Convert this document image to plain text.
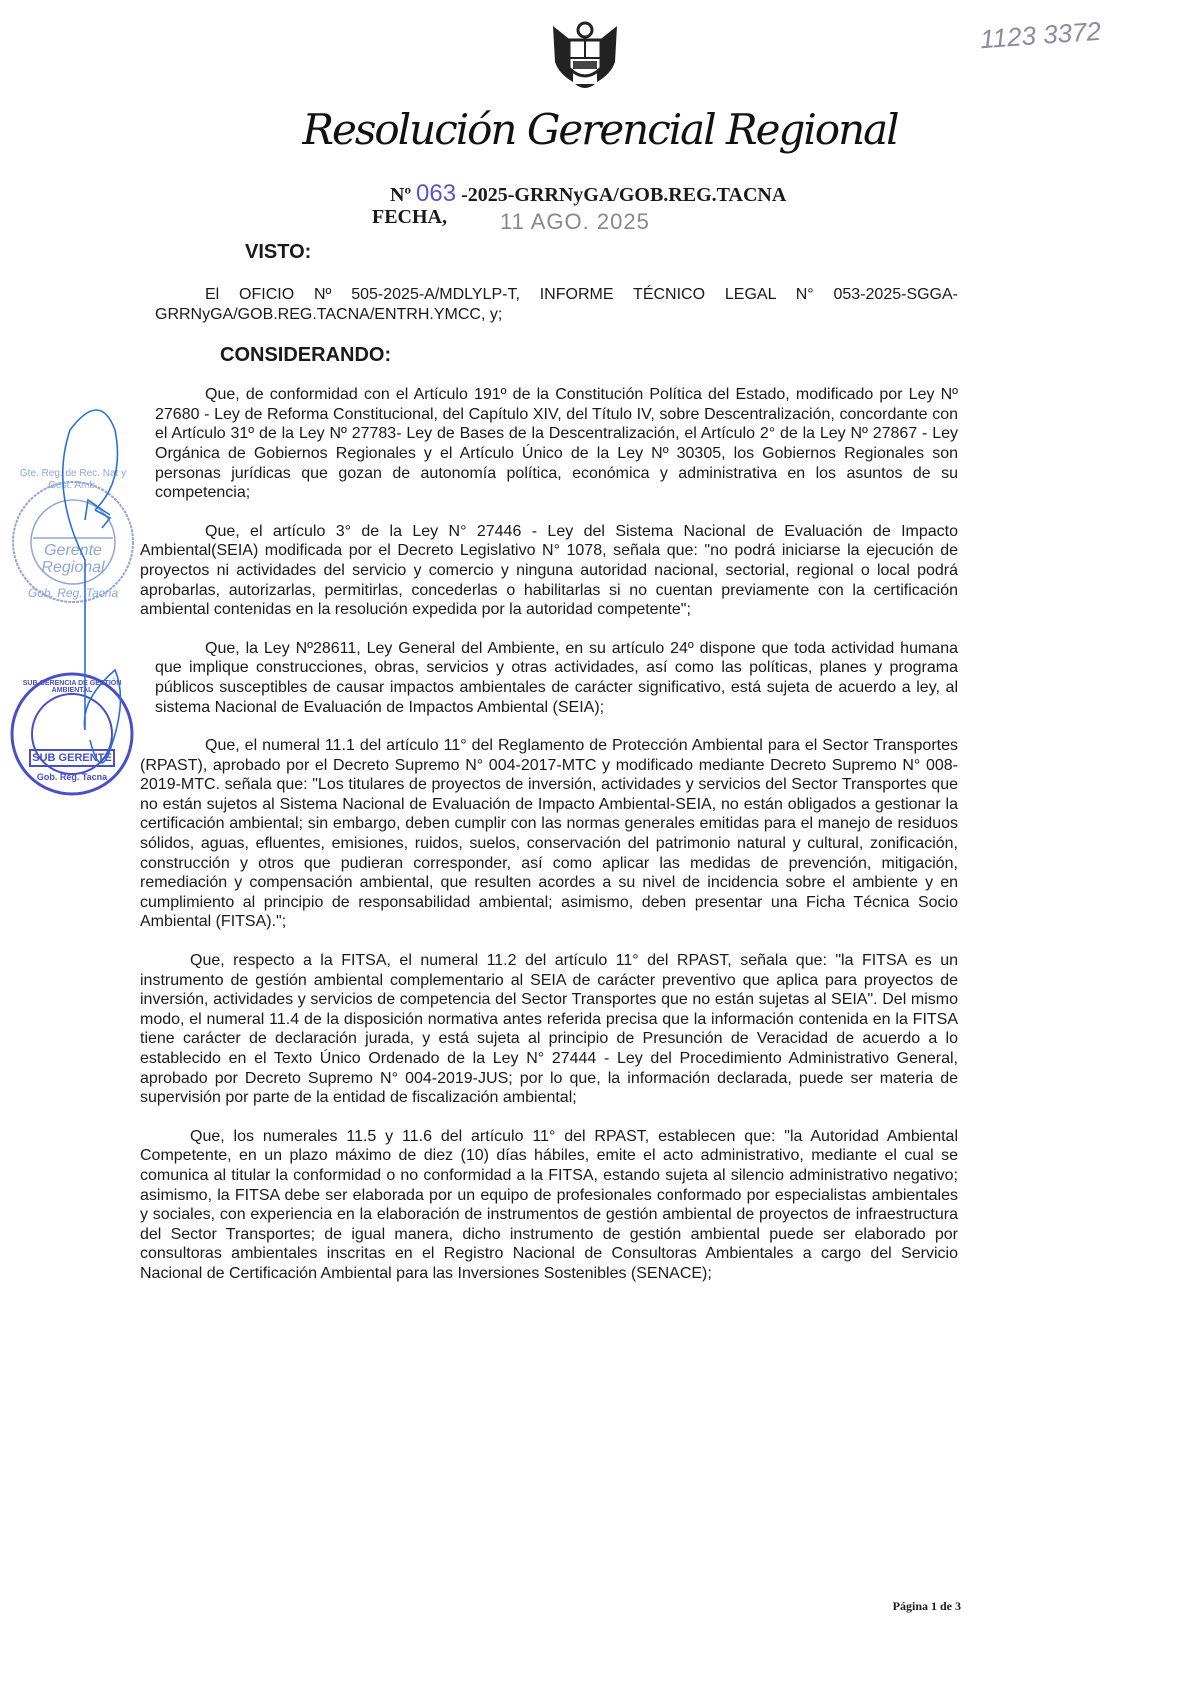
1123 3372
Resolución Gerencial Regional
Nº 063 -2025-GRRNyGA/GOB.REG.TACNA
FECHA, 11 AGO. 2025
Gerente Regional
Gob. Reg. Tacna
Gte. Reg. de Rec. Nat y Gest. Amb.
SUB GERENTE
Gob. Reg. Tacna
SUB GERENCIA DE GESTIÓN AMBIENTAL
VISTO:

El OFICIO Nº 505-2025-A/MDLYLP-T, INFORME TÉCNICO LEGAL N° 053-2025-SGGA-GRRNyGA/GOB.REG.TACNA/ENTRH.YMCC, y;

CONSIDERANDO:

Que, de conformidad con el Artículo 191º de la Constitución Política del Estado, modificado por Ley Nº 27680 - Ley de Reforma Constitucional, del Capítulo XIV, del Título IV, sobre Descentralización, concordante con el Artículo 31º de la Ley Nº 27783- Ley de Bases de la Descentralización, el Artículo 2° de la Ley Nº 27867 - Ley Orgánica de Gobiernos Regionales y el Artículo Único de la Ley Nº 30305, los Gobiernos Regionales son personas jurídicas que gozan de autonomía política, económica y administrativa en los asuntos de su competencia;

Que, el artículo 3° de la Ley N° 27446 - Ley del Sistema Nacional de Evaluación de Impacto Ambiental(SEIA) modificada por el Decreto Legislativo N° 1078, señala que: "no podrá iniciarse la ejecución de proyectos ni actividades del servicio y comercio y ninguna autoridad nacional, sectorial, regional o local podrá aprobarlas, autorizarlas, permitirlas, concederlas o habilitarlas si no cuentan previamente con la certificación ambiental contenidas en la resolución expedida por la autoridad competente";

Que, la Ley Nº28611, Ley General del Ambiente, en su artículo 24º dispone que toda actividad humana que implique construcciones, obras, servicios y otras actividades, así como las políticas, planes y programa públicos susceptibles de causar impactos ambientales de carácter significativo, está sujeta de acuerdo a ley, al sistema Nacional de Evaluación de Impactos Ambiental (SEIA);

Que, el numeral 11.1 del artículo 11° del Reglamento de Protección Ambiental para el Sector Transportes (RPAST), aprobado por el Decreto Supremo N° 004-2017-MTC y modificado mediante Decreto Supremo N° 008- 2019-MTC. señala que: "Los titulares de proyectos de inversión, actividades y servicios del Sector Transportes que no están sujetos al Sistema Nacional de Evaluación de Impacto Ambiental-SEIA, no están obligados a gestionar la certificación ambiental; sin embargo, deben cumplir con las normas generales emitidas para el manejo de residuos sólidos, aguas, efluentes, emisiones, ruidos, suelos, conservación del patrimonio natural y cultural, zonificación, construcción y otros que pudieran corresponder, así como aplicar las medidas de prevención, mitigación, remediación y compensación ambiental, que resulten acordes a su nivel de incidencia sobre el ambiente y en cumplimiento al principio de responsabilidad ambiental; asimismo, deben presentar una Ficha Técnica Socio Ambiental (FITSA).";

Que, respecto a la FITSA, el numeral 11.2 del artículo 11° del RPAST, señala que: "la FITSA es un instrumento de gestión ambiental complementario al SEIA de carácter preventivo que aplica para proyectos de inversión, actividades y servicios de competencia del Sector Transportes que no están sujetas al SEIA". Del mismo modo, el numeral 11.4 de la disposición normativa antes referida precisa que la información contenida en la FITSA tiene carácter de declaración jurada, y está sujeta al principio de Presunción de Veracidad de acuerdo a lo establecido en el Texto Único Ordenado de la Ley N° 27444 - Ley del Procedimiento Administrativo General, aprobado por Decreto Supremo N° 004-2019-JUS; por lo que, la información declarada, puede ser materia de supervisión por parte de la entidad de fiscalización ambiental;

Que, los numerales 11.5 y 11.6 del artículo 11° del RPAST, establecen que: "la Autoridad Ambiental Competente, en un plazo máximo de diez (10) días hábiles, emite el acto administrativo, mediante el cual se comunica al titular la conformidad o no conformidad a la FITSA, estando sujeta al silencio administrativo negativo; asimismo, la FITSA debe ser elaborada por un equipo de profesionales conformado por especialistas ambientales y sociales, con experiencia en la elaboración de instrumentos de gestión ambiental de proyectos de infraestructura del Sector Transportes; de igual manera, dicho instrumento de gestión ambiental puede ser elaborado por consultoras ambientales inscritas en el Registro Nacional de Consultoras Ambientales a cargo del Servicio Nacional de Certificación Ambiental para las Inversiones Sostenibles (SENACE);

Página 1 de 3
